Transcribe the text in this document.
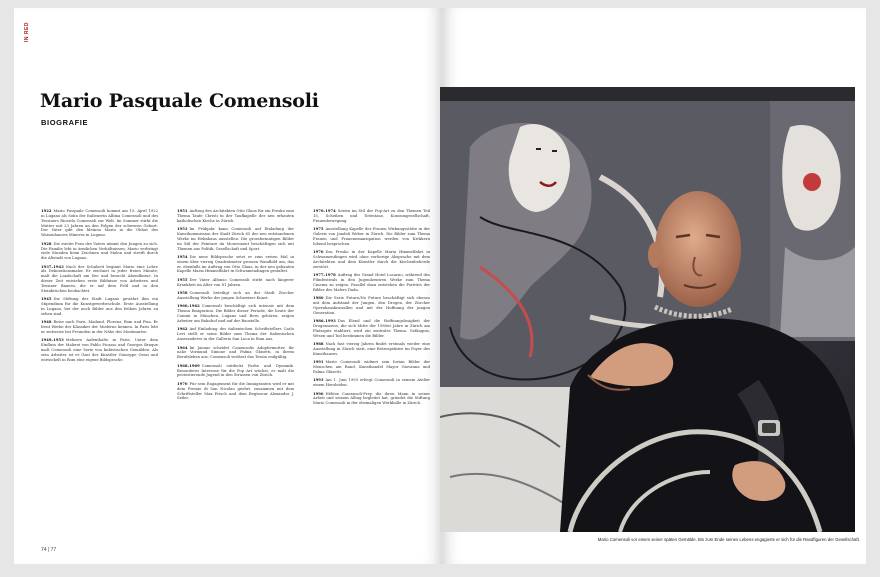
IN RED
Mario Pasquale Comensoli
BIOGRAFIE

1922 Mario Pasquale Comensoli kommt am 15. April 1922 in Lugano als Sohn der Italienerin Albina Comensoli und des Tessiners Ricardo Comensoli zur Welt. Im Sommer stirbt die Mutter mit 23 Jahren an den Folgen der schweren Geburt. Der Vater gibt den kleinen Mario in die Obhut des Waisenhauses Minerva in Lugano.

1928 Die zweite Frau des Vaters nimmt den Jungen zu sich. Die Familie lebt in ärmlichen Verhältnissen; Mario verbringt viele Stunden beim Zeichnen und Malen und streift durch die Altstadt von Lugano.

1937–1943 Nach der Schulzeit beginnt Mario eine Lehre als Dekorationsmaler. Er zeichnet in jeder freien Minute, malt die Landschaft am See und besucht Abendkurse. In dieser Zeit entstehen erste Bildnisse von Arbeitern und Tessiner Bauern, die er auf dem Feld und in den Steinbrüchen beobachtet.

1945 Die Stiftung der Stadt Lugano gewährt ihm ein Stipendium für die Kunstgewerbeschule. Erste Ausstellung in Lugano, bei der auch Bilder aus den frühen Jahren zu sehen sind.

1948 Reise nach Paris, Mailand, Florenz, Rom und Pisa. Er lernt Werke der Klassiker der Moderne kennen. In Paris lebt er zeitweise bei Freunden in der Nähe des Montmartre.

1949–1953 Mehrere Aufenthalte in Paris. Unter dem Einfluss der Malerei von Pablo Picasso und Georges Braque malt Comensoli eine Serie von kubistischen Gemälden. Als sein Arbeiter ist er Gast der Künstler Giuseppe Orazi und entwickelt in Rom eine eigene Bildsprache.

1951 Auftrag des Architekten Otto Glaus für ein Fresko zum Thema Taufe Christi in der Taufkapelle der neu erbauten katholischen Kirche in Zürich.

1953 Im Frühjahr kann Comensoli auf Einladung der Kunstkommission der Stadt Zürich 65 der neu entstandenen Werke im Helmhaus ausstellen. Die grossformatigen Bilder im Stil der Peinture du Mouvement beschäftigen sich mit Themen aus Politik, Gesellschaft und Sport.

1954 Die neue Bildsprache setzt er zum ersten Mal in einem über vierzig Quadratmeter grossen Wandbild um, das er, ebenfalls im Auftrag von Otto Glaus, in der neu gebauten Kapelle Maria Himmelfahrt in Schwamendingen gestaltet.

1955 Der Vater Alfonso Comensoli stirbt nach längerer Krankheit im Alter von 81 Jahren.

1958 Comensoli beteiligt sich an der Stadt Zürcher Ausstellung Werke der jungen Schweizer Kunst.

1960–1962 Comensoli beschäftigt sich intensiv mit dem Thema Emigration. Die Bilder dieser Periode, die heute der Comini in München, Lugano und Bern gehören, zeigen Arbeiter am Bahnhof und auf der Baustelle.

1962 Auf Einladung des italienischen Schriftstellers Carlo Levi stellt er seine Bilder zum Thema der Italienischen Auswanderer in der Galleria San Luca in Rom aus.

1964 Im Januar scheidet Comensolis Adoptivmutter, ihr nahe Vormund Simone und Palma Ghisetti, in ihrem Berufsleben aus. Comensoli verlässt das Tessin endgültig.

1968–1969 Comensoli entdeckt Farbe und Dynamik. Besonderes Interesse für die Pop Art wächst; er malt die protestierende Jugend in den Strassen von Zürich.

1970 Für sein Engagement für die Immigranten wird er mit dem Premio di San Nicolao geehrt, zusammen mit dem Schriftsteller Max Frisch und dem Regisseur Alexander J. Seiler.

1970–1974 Serien im Stil der Pop-Art zu den Themen Teil 15, Scheiben und Totentanz, Konsumgesellschaft, Frauenbewegung.

1975 Ausstellung Kapelle der Frauen Wirkungsstätte in der Galerie von Jandeli Weber in Zürich. Die Bilder zum Thema Frauen und Frauenemanzipation werden von Kritikern lobend besprochen.

1976 Das Fresko in der Kapelle Maria Himmelfahrt in Schwamendingen wird ohne vorherige Absprache mit dem Architekten und dem Künstler durch die Kirchenbehörde zerstört.

1977–1978 Auftrag des Grand Hotel Locarno, während des Filmfestivals in den Jugendzentren Werke zum Thema Cinema zu zeigen. Parallel dazu entstehen die Porträts der Bilder des Malers Dada.

1980 Die Serie Futuro/No Future beschäftigt sich ebenso mit dem Aufstand der Jungen, den Drogen, der Zürcher Opernhauskrawallen und mit der Hoffnung der jungen Generation.

1986–1993 Das Elend und die Hoffnungslosigkeit der Drogenszene, die sich Mitte der 1980er Jahre in Zürich am Platzspitz etabliert, wird ein zentrales Thema. Gefängnis, Wesen und Tod bestimmen die Bilder.

1988 Nach fast vierzig Jahren findet erstmals wieder eine Ausstellung in Zürich statt, eine Retrospektive im Foyer des Kunsthauses.

1991 Mario Comensoli widmet sein fortan Bilder der Menschen am Rand, Kunsthandel Mayor Giovanna und Palma Ghisetti.

1993 Am 1. Juni 1993 erliegt Comensoli in seinem Atelier einem Herzleiden.

1996 Hélène Comensoli-Frey, die ihren Mann in seiner Arbeit und seinem Alltag begleitet hat, gründet die Stiftung Mario Comensoli in der ehemaligen Werkhalle in Zürich.

74 | 77
Mario Comensoli vor einem seiner späten Gemälde. Bis zum Ende seines Lebens engagierte er sich für die Randfiguren der Gesellschaft.
